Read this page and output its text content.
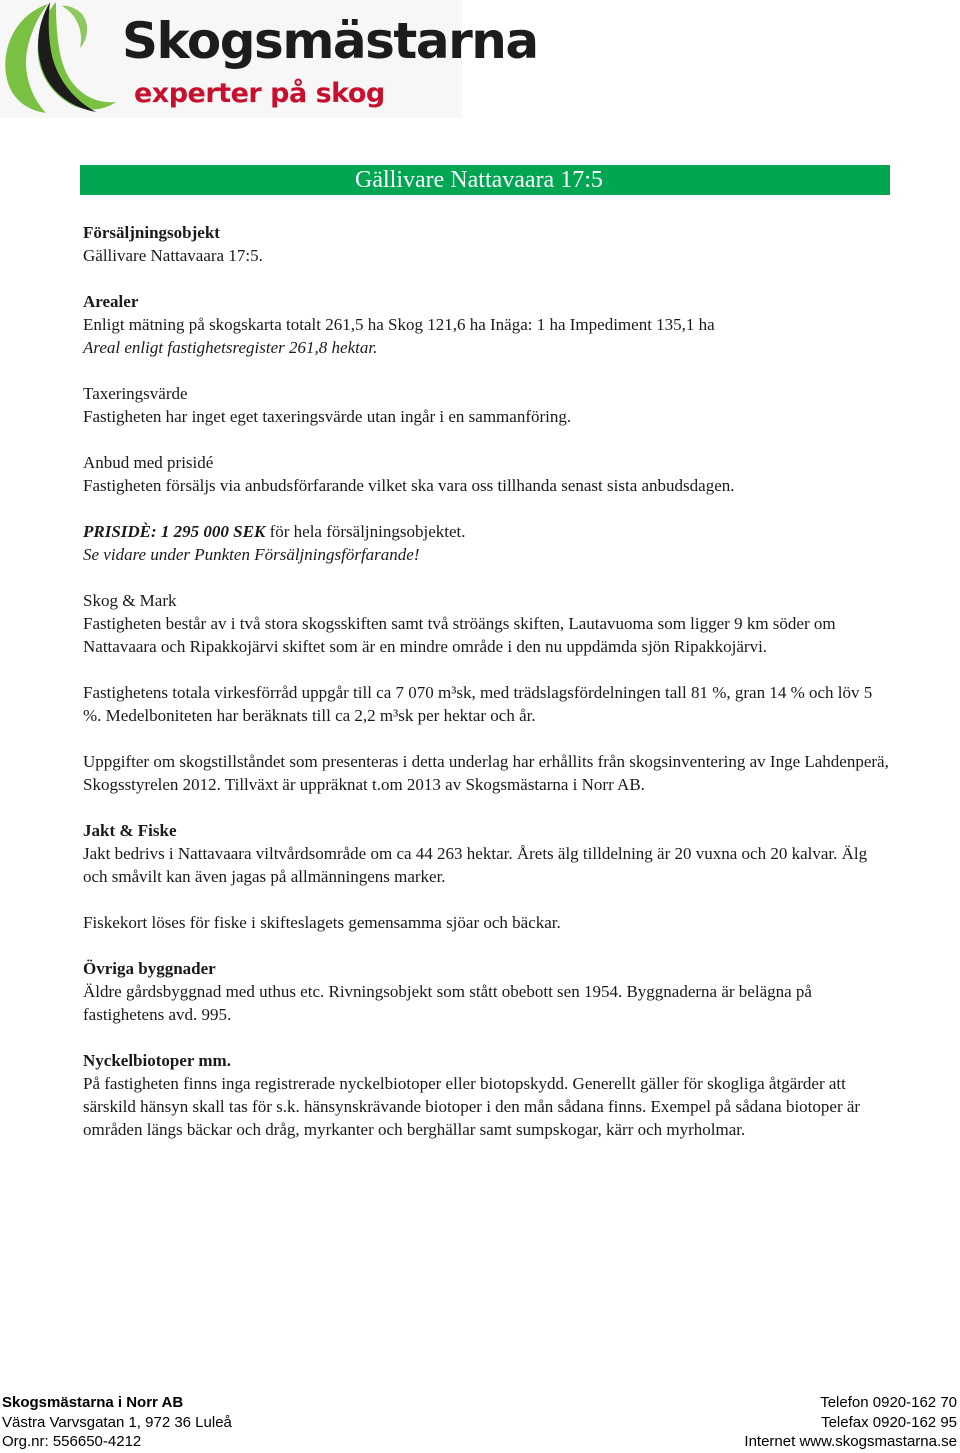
Skogsmästarna
experter på skog
Gällivare Nattavaara 17:5

Försäljningsobjekt

Gällivare Nattavaara 17:5.

Arealer

Enligt mätning på skogskarta totalt 261,5 ha Skog 121,6 ha Inäga: 1 ha Impediment 135,1 ha

Areal enligt fastighetsregister 261,8 hektar.

Taxeringsvärde

Fastigheten har inget eget taxeringsvärde utan ingår i en sammanföring.

Anbud med prisidé

Fastigheten försäljs via anbudsförfarande vilket ska vara oss tillhanda senast sista anbudsdagen.

PRISIDÈ: 1 295 000 SEK för hela försäljningsobjektet.

Se vidare under Punkten Försäljningsförfarande!

Skog & Mark

Fastigheten består av i två stora skogsskiften samt två ströängs skiften, Lautavuoma som ligger 9 km söder om Nattavaara och Ripakkojärvi skiftet som är en mindre område i den nu uppdämda sjön Ripakkojärvi.

Fastighetens totala virkesförråd uppgår till ca 7 070 m³sk, med trädslagsfördelningen tall 81 %, gran 14 % och löv 5 %. Medelboniteten har beräknats till ca 2,2 m³sk per hektar och år.

Uppgifter om skogstillståndet som presenteras i detta underlag har erhållits från skogsinventering av Inge Lahdenperä, Skogsstyrelen 2012. Tillväxt är uppräknat t.om 2013 av Skogsmästarna i Norr AB.

Jakt & Fiske

Jakt bedrivs i Nattavaara viltvårdsområde om ca 44 263 hektar. Årets älg tilldelning är 20 vuxna och 20 kalvar. Älg och småvilt kan även jagas på allmänningens marker.

Fiskekort löses för fiske i skifteslagets gemensamma sjöar och bäckar.

Övriga byggnader

Äldre gårdsbyggnad med uthus etc. Rivningsobjekt som stått obebott sen 1954. Byggnaderna är belägna på fastighetens avd. 995.

Nyckelbiotoper mm.

På fastigheten finns inga registrerade nyckelbiotoper eller biotopskydd. Generellt gäller för skogliga åtgärder att särskild hänsyn skall tas för s.k. hänsynskrävande biotoper i den mån sådana finns. Exempel på sådana biotoper är områden längs bäckar och dråg, myrkanter och berghällar samt sumpskogar, kärr och myrholmar.

Skogsmästarna i Norr AB
Västra Varvsgatan 1, 972 36 Luleå
Org.nr: 556650-4212
Telefon 0920-162 70
Telefax 0920-162 95
Internet www.skogsmastarna.se
